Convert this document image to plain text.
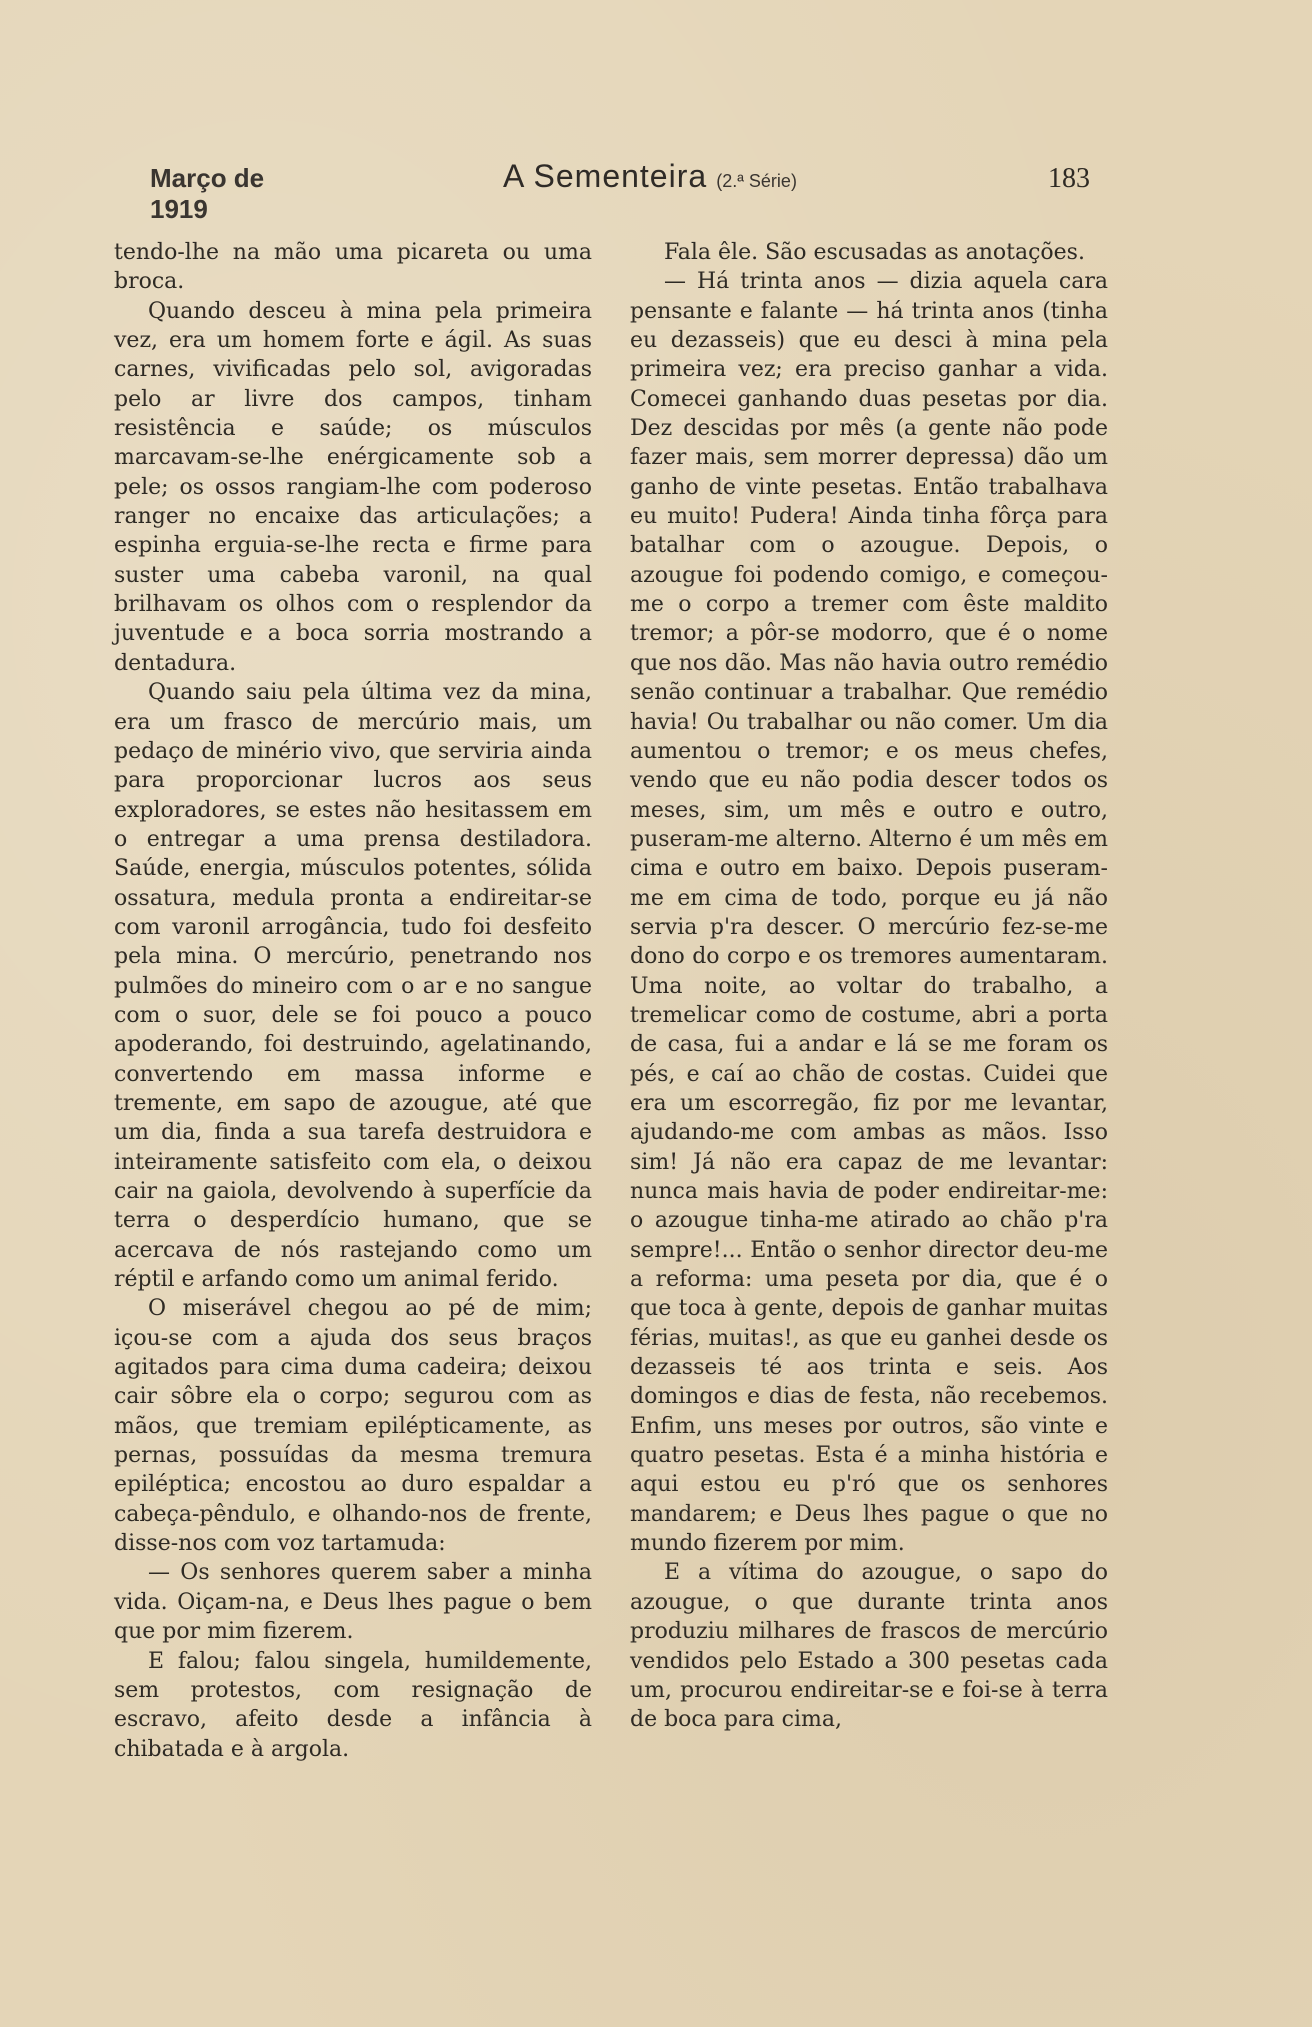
Março de 1919
A Sementeira (2.ª Série)	183

tendo-lhe na mão uma picareta ou uma broca.

Quando desceu à mina pela primeira vez, era um homem forte e ágil. As suas carnes, vivificadas pelo sol, avigoradas pelo ar livre dos campos, tinham resistência e saúde; os músculos marcavam-se-lhe enérgicamente sob a pele; os ossos rangiam-lhe com poderoso ranger no encaixe das articulações; a espinha erguia-se-lhe recta e firme para suster uma cabeba varonil, na qual brilhavam os olhos com o resplendor da juventude e a boca sorria mostrando a dentadura.

Quando saiu pela última vez da mina, era um frasco de mercúrio mais, um pedaço de minério vivo, que serviria ainda para proporcionar lucros aos seus exploradores, se estes não hesitassem em o entregar a uma prensa destiladora. Saúde, energia, músculos potentes, sólida ossatura, medula pronta a endireitar-se com varonil arrogância, tudo foi desfeito pela mina. O mercúrio, penetrando nos pulmões do mineiro com o ar e no sangue com o suor, dele se foi pouco a pouco apoderando, foi destruindo, agelatinando, convertendo em massa informe e tremente, em sapo de azougue, até que um dia, finda a sua tarefa destruidora e inteiramente satisfeito com ela, o deixou cair na gaiola, devolvendo à superfície da terra o desperdício humano, que se acercava de nós rastejando como um réptil e arfando como um animal ferido.

O miserável chegou ao pé de mim; içou-se com a ajuda dos seus braços agitados para cima duma cadeira; deixou cair sôbre ela o corpo; segurou com as mãos, que tremiam epilépticamente, as pernas, possuídas da mesma tremura epiléptica; encostou ao duro espaldar a cabeça-pêndulo, e olhando-nos de frente, disse-nos com voz tartamuda:

— Os senhores querem saber a minha vida. Oiçam-na, e Deus lhes pague o bem que por mim fizerem.

E falou; falou singela, humildemente, sem protestos, com resignação de escravo, afeito desde a infância à chibatada e à argola.

Fala êle. São escusadas as anotações.

— Há trinta anos — dizia aquela cara pensante e falante — há trinta anos (tinha eu dezasseis) que eu desci à mina pela primeira vez; era preciso ganhar a vida. Comecei ganhando duas pesetas por dia. Dez descidas por mês (a gente não pode fazer mais, sem morrer depressa) dão um ganho de vinte pesetas. Então trabalhava eu muito! Pudera! Ainda tinha fôrça para batalhar com o azougue. Depois, o azougue foi podendo comigo, e começou-me o corpo a tremer com êste maldito tremor; a pôr-se modorro, que é o nome que nos dão. Mas não havia outro remédio senão continuar a trabalhar. Que remédio havia! Ou trabalhar ou não comer. Um dia aumentou o tremor; e os meus chefes, vendo que eu não podia descer todos os meses, sim, um mês e outro e outro, puseram-me alterno. Alterno é um mês em cima e outro em baixo. Depois puseram-me em cima de todo, porque eu já não servia p'ra descer. O mercúrio fez-se-me dono do corpo e os tremores aumentaram. Uma noite, ao voltar do trabalho, a tremelicar como de costume, abri a porta de casa, fui a andar e lá se me foram os pés, e caí ao chão de costas. Cuidei que era um escorregão, fiz por me levantar, ajudando-me com ambas as mãos. Isso sim! Já não era capaz de me levantar: nunca mais havia de poder endireitar-me: o azougue tinha-me atirado ao chão p'ra sempre!... Então o senhor director deu-me a reforma: uma peseta por dia, que é o que toca à gente, depois de ganhar muitas férias, muitas!, as que eu ganhei desde os dezasseis té aos trinta e seis. Aos domingos e dias de festa, não recebemos. Enfim, uns meses por outros, são vinte e quatro pesetas. Esta é a minha história e aqui estou eu p'ró que os senhores mandarem; e Deus lhes pague o que no mundo fizerem por mim.

E a vítima do azougue, o sapo do azougue, o que durante trinta anos produziu milhares de frascos de mercúrio vendidos pelo Estado a 300 pesetas cada um, procurou endireitar-se e foi-se à terra de boca para cima,
